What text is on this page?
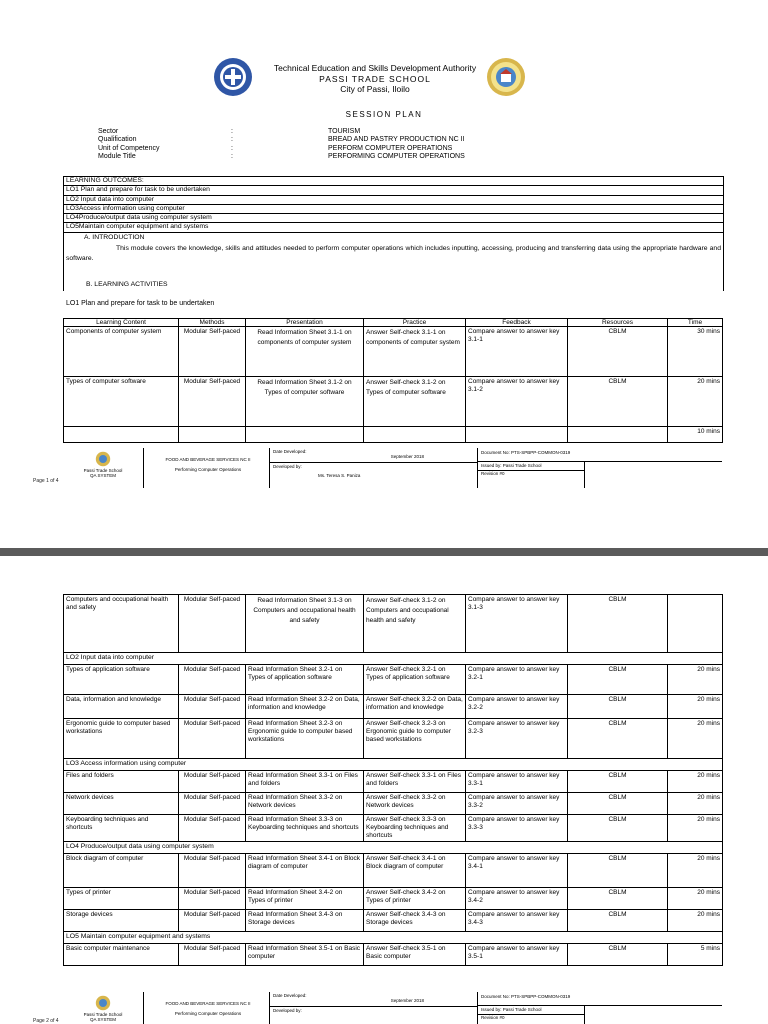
Technical Education and Skills Development Authority
PASSI TRADE SCHOOL
City of Passi, Iloilo
SESSION PLAN
Sector	:	TOURISM
Qualification	:	BREAD AND PASTRY PRODUCTION NC II
Unit of Competency	:	PERFORM COMPUTER OPERATIONS
Module Title	:	PERFORMING COMPUTER OPERATIONS
LEARNING OUTCOMES:
LO1 Plan and prepare for task to be undertaken
LO2 Input data into computer
LO3Access information using computer
LO4Produce/output data using computer system
LO5Maintain computer equipment and systems
A. INTRODUCTION
This module covers the knowledge, skills and attitudes needed to perform computer operations which includes inputting, accessing, producing and transferring data using the appropriate hardware and software.
B. LEARNING ACTIVITIES
LO1 Plan and prepare for task to be undertaken
Learning Content	Methods	Presentation	Practice	Feedback	Resources	Time
Components of computer system	Modular Self-paced	Read Information Sheet 3.1-1 on components of computer system	Answer Self-check 3.1-1 on components of computer system	Compare answer to answer key 3.1-1	CBLM	30 mins
Types of computer software	Modular Self-paced	Read Information Sheet 3.1-2 on Types of computer software	Answer Self-check 3.1-2 on Types of computer software	Compare answer to answer key 3.1-2	CBLM	20 mins
						10 mins
Passi Trade School
QA SYSTEM
FOOD AND BEVERAGE SERVICES NC II
Performing Computer Operations
Date Developed:
September 2018
Developed by:
Ms. Teresa S. Paniza
Document No: PTS-SPBPP-COMMON-0319
Issued by: Passi Trade School
Revision #0
Page 1 of 4
Computers and occupational health and safety	Modular Self-paced	Read Information Sheet 3.1-3 on Computers and occupational health and safety	Answer Self-check 3.1-2 on Computers and occupational health and safety	Compare answer to answer key 3.1-3	CBLM	
LO2 Input data into computer						
Types of application software	Modular Self-paced	Read Information Sheet 3.2-1 on Types of application software	Answer Self-check 3.2-1 on Types of application software	Compare answer to answer key 3.2-1	CBLM	20 mins
Data, information and knowledge	Modular Self-paced	Read Information Sheet 3.2-2 on Data, information and knowledge	Answer Self-check 3.2-2 on Data, information and knowledge	Compare answer to answer key 3.2-2	CBLM	20 mins
Ergonomic guide to computer based workstations	Modular Self-paced	Read Information Sheet 3.2-3 on Ergonomic guide to computer based workstations	Answer Self-check 3.2-3 on Ergonomic guide to computer based workstations	Compare answer to answer key 3.2-3	CBLM	20 mins
LO3 Access information using computer						
Files and folders	Modular Self-paced	Read Information Sheet 3.3-1 on Files and folders	Answer Self-check 3.3-1 on Files and folders	Compare answer to answer key 3.3-1	CBLM	20 mins
Network devices	Modular Self-paced	Read Information Sheet 3.3-2 on Network devices	Answer Self-check 3.3-2 on Network devices	Compare answer to answer key 3.3-2	CBLM	20 mins
Keyboarding techniques and shortcuts	Modular Self-paced	Read Information Sheet 3.3-3 on Keyboarding techniques and shortcuts	Answer Self-check 3.3-3 on Keyboarding techniques and shortcuts	Compare answer to answer key 3.3-3	CBLM	20 mins
LO4 Produce/output data using computer system						
Block diagram of computer	Modular Self-paced	Read Information Sheet 3.4-1 on Block diagram of computer	Answer Self-check 3.4-1 on Block diagram of computer	Compare answer to answer key 3.4-1	CBLM	20 mins
Types of printer	Modular Self-paced	Read Information Sheet 3.4-2 on Types of printer	Answer Self-check 3.4-2 on Types of printer	Compare answer to answer key 3.4-2	CBLM	20 mins
Storage devices	Modular Self-paced	Read Information Sheet 3.4-3 on Storage devices	Answer Self-check 3.4-3 on Storage devices	Compare answer to answer key 3.4-3	CBLM	20 mins
LO5 Maintain computer equipment and systems						
Basic computer maintenance	Modular Self-paced	Read Information Sheet 3.5-1 on Basic computer	Answer Self-check 3.5-1 on Basic computer	Compare answer to answer key 3.5-1	CBLM	5 mins
Passi Trade School
QA SYSTEM
FOOD AND BEVERAGE SERVICES NC II
Performing Computer Operations
Date Developed:
September 2018
Developed by:
Document No: PTS-SPBPP-COMMON-0319
Issued by: Passi Trade School
Revision #0
Page 2 of 4
